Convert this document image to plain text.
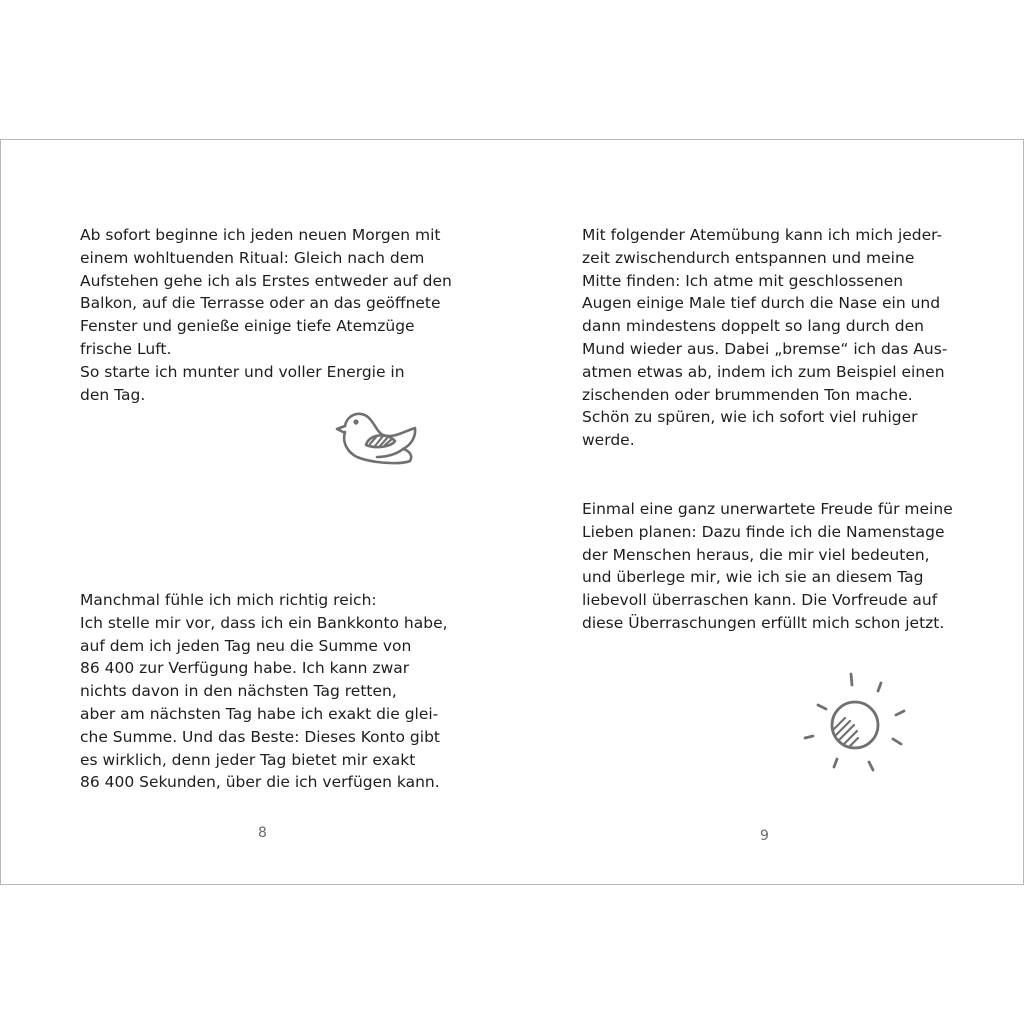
Ab sofort beginne ich jeden neuen Morgen mit
einem wohltuenden Ritual: Gleich nach dem
Aufstehen gehe ich als Erstes entweder auf den
Balkon, auf die Terrasse oder an das geöffnete
Fenster und genieße einige tiefe Atemzüge
frische Luft.
So starte ich munter und voller Energie in
den Tag.

Manchmal fühle ich mich richtig reich:
Ich stelle mir vor, dass ich ein Bankkonto habe,
auf dem ich jeden Tag neu die Summe von
86 400 zur Verfügung habe. Ich kann zwar
nichts davon in den nächsten Tag retten,
aber am nächsten Tag habe ich exakt die glei-
che Summe. Und das Beste: Dieses Konto gibt
es wirklich, denn jeder Tag bietet mir exakt
86 400 Sekunden, über die ich verfügen kann.

8

Mit folgender Atemübung kann ich mich jeder-
zeit zwischendurch entspannen und meine
Mitte finden: Ich atme mit geschlossenen
Augen einige Male tief durch die Nase ein und
dann mindestens doppelt so lang durch den
Mund wieder aus. Dabei „bremse“ ich das Aus-
atmen etwas ab, indem ich zum Beispiel einen
zischenden oder brummenden Ton mache.
Schön zu spüren, wie ich sofort viel ruhiger
werde.

Einmal eine ganz unerwartete Freude für meine
Lieben planen: Dazu finde ich die Namenstage
der Menschen heraus, die mir viel bedeuten,
und überlege mir, wie ich sie an diesem Tag
liebevoll überraschen kann. Die Vorfreude auf
diese Überraschungen erfüllt mich schon jetzt.

9
